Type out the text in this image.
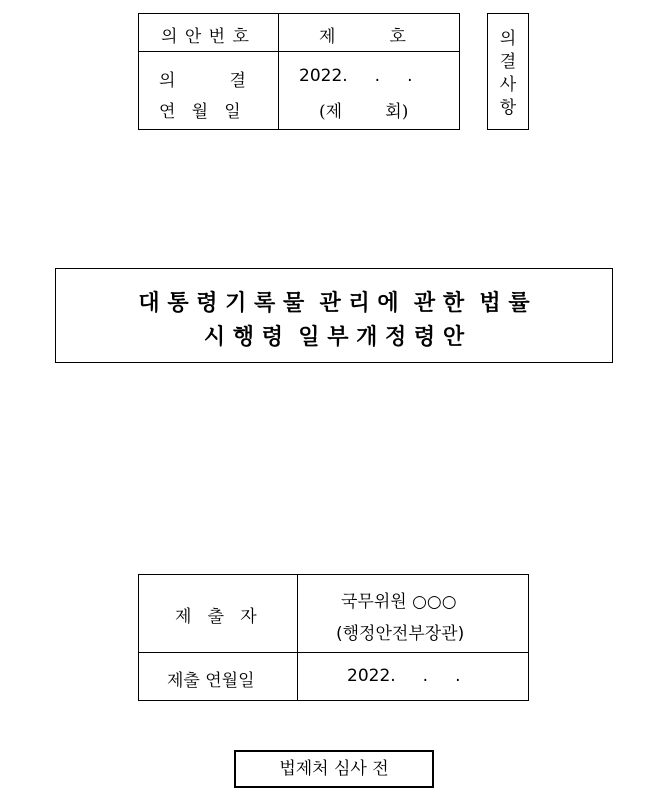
의 안 번 호	제          호
의          결
연   월   일
2022.     .     .
(제        회)
의
결
사
항
대 통 령 기 록 물  관 리 에  관 한  법 률
시 행 령  일 부 개 정 령 안
제   출   자
국무위원 ○○○
(행정안전부장관)
제출 연월일	2022.     .     .
법제처 심사 전
